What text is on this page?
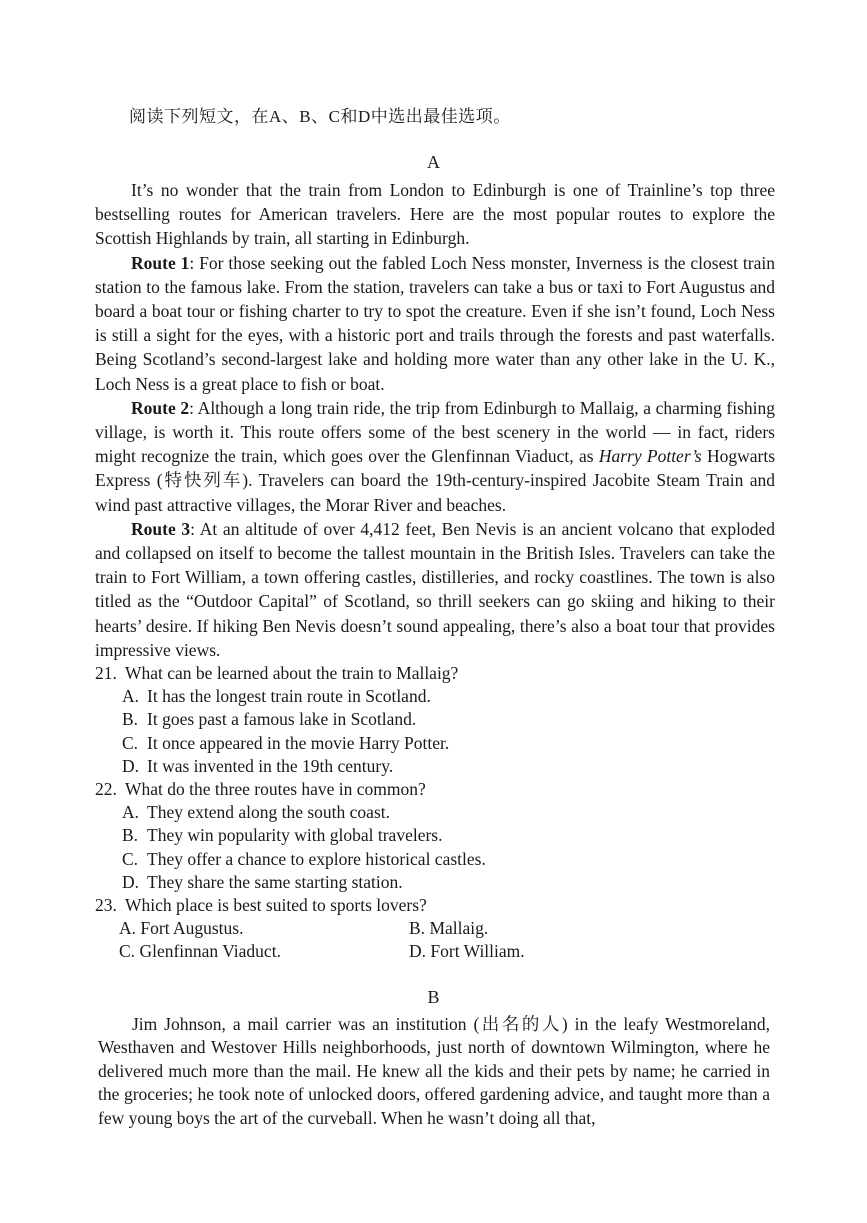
阅读下列短文，在A、B、C和D中选出最佳选项。
A

It’s no wonder that the train from London to Edinburgh is one of Trainline’s top three bestselling routes for American travelers. Here are the most popular routes to explore the Scottish Highlands by train, all starting in Edinburgh.

Route 1: For those seeking out the fabled Loch Ness monster, Inverness is the closest train station to the famous lake. From the station, travelers can take a bus or taxi to Fort Augustus and board a boat tour or fishing charter to try to spot the creature. Even if she isn’t found, Loch Ness is still a sight for the eyes, with a historic port and trails through the forests and past waterfalls. Being Scotland’s second-largest lake and holding more water than any other lake in the U. K., Loch Ness is a great place to fish or boat.

Route 2: Although a long train ride, the trip from Edinburgh to Mallaig, a charming fishing village, is worth it. This route offers some of the best scenery in the world — in fact, riders might recognize the train, which goes over the Glenfinnan Viaduct, as Harry Potter’s Hogwarts Express (特快列车). Travelers can board the 19th-century-inspired Jacobite Steam Train and wind past attractive villages, the Morar River and beaches.

Route 3: At an altitude of over 4,412 feet, Ben Nevis is an ancient volcano that exploded and collapsed on itself to become the tallest mountain in the British Isles. Travelers can take the train to Fort William, a town offering castles, distilleries, and rocky coastlines. The town is also titled as the “Outdoor Capital” of Scotland, so thrill seekers can go skiing and hiking to their hearts’ desire. If hiking Ben Nevis doesn’t sound appealing, there’s also a boat tour that provides impressive views.

21. What can be learned about the train to Mallaig?
A. It has the longest train route in Scotland.
B. It goes past a famous lake in Scotland.
C. It once appeared in the movie Harry Potter.
D. It was invented in the 19th century.
22. What do the three routes have in common?
A. They extend along the south coast.
B. They win popularity with global travelers.
C. They offer a chance to explore historical castles.
D. They share the same starting station.
23. Which place is best suited to sports lovers?
A. Fort Augustus.	B. Mallaig.
C. Glenfinnan Viaduct.	D. Fort William.
B

Jim Johnson, a mail carrier was an institution (出名的人) in the leafy Westmoreland, Westhaven and Westover Hills neighborhoods, just north of downtown Wilmington, where he delivered much more than the mail. He knew all the kids and their pets by name; he carried in the groceries; he took note of unlocked doors, offered gardening advice, and taught more than a few young boys the art of the curveball. When he wasn’t doing all that,
